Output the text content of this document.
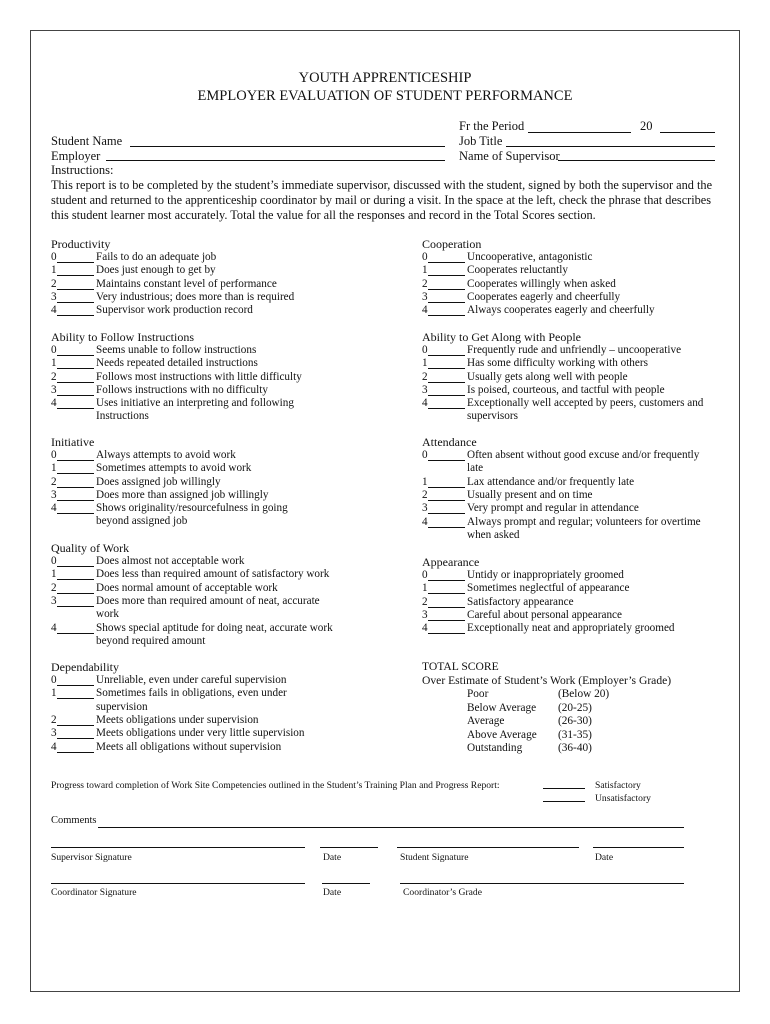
YOUTH APPRENTICESHIP
EMPLOYER EVALUATION OF STUDENT PERFORMANCE
Fr the Period	20
Student Name	Job Title
Employer	Name of Supervisor
Instructions:
This report is to be completed by the student’s immediate supervisor, discussed with the student, signed by both the supervisor and the student and returned to the apprenticeship coordinator by mail or during a visit. In the space at the left, check the phrase that describes this student learner most accurately. Total the value for all the responses and record in the Total Scores section.
Productivity
0	Fails to do an adequate job
1	Does just enough to get by
2	Maintains constant level of performance
3	Very industrious; does more than is required
4	Supervisor work production record
Ability to Follow Instructions
0	Seems unable to follow instructions
1	Needs repeated detailed instructions
2	Follows most instructions with little difficulty
3	Follows instructions with no difficulty
4	Uses initiative an interpreting and following Instructions
Initiative
0	Always attempts to avoid work
1	Sometimes attempts to avoid work
2	Does assigned job willingly
3	Does more than assigned job willingly
4	Shows originality/resourcefulness in going beyond assigned job
Quality of Work
0	Does almost not acceptable work
1	Does less than required amount of satisfactory work
2	Does normal amount of acceptable work
3	Does more than required amount of neat, accurate work
4	Shows special aptitude for doing neat, accurate work beyond required amount
Dependability
0	Unreliable, even under careful supervision
1	Sometimes fails in obligations, even under supervision
2	Meets obligations under supervision
3	Meets obligations under very little supervision
4	Meets all obligations without supervision
Cooperation
0	Uncooperative, antagonistic
1	Cooperates reluctantly
2	Cooperates willingly when asked
3	Cooperates eagerly and cheerfully
4	Always cooperates eagerly and cheerfully
Ability to Get Along with People
0	Frequently rude and unfriendly – uncooperative
1	Has some difficulty working with others
2	Usually gets along well with people
3	Is poised, courteous, and tactful with people
4	Exceptionally well accepted by peers, customers and supervisors
Attendance
0	Often absent without good excuse and/or frequently late
1	Lax attendance and/or frequently late
2	Usually present and on time
3	Very prompt and regular in attendance
4	Always prompt and regular; volunteers for overtime when asked
Appearance
0	Untidy or inappropriately groomed
1	Sometimes neglectful of appearance
2	Satisfactory appearance
3	Careful about personal appearance
4	Exceptionally neat and appropriately groomed
TOTAL SCORE
Over Estimate of Student’s Work (Employer’s Grade)
Poor	(Below 20)
Below Average (20-25)
Average	(26-30)
Above Average (31-35)
Outstanding	(36-40)
Progress toward completion of Work Site Competencies outlined in the Student’s Training Plan and Progress Report:	Satisfactory
Unsatisfactory
Comments
Supervisor Signature	Date	Student Signature	Date
Coordinator Signature	Date	Coordinator’s Grade
